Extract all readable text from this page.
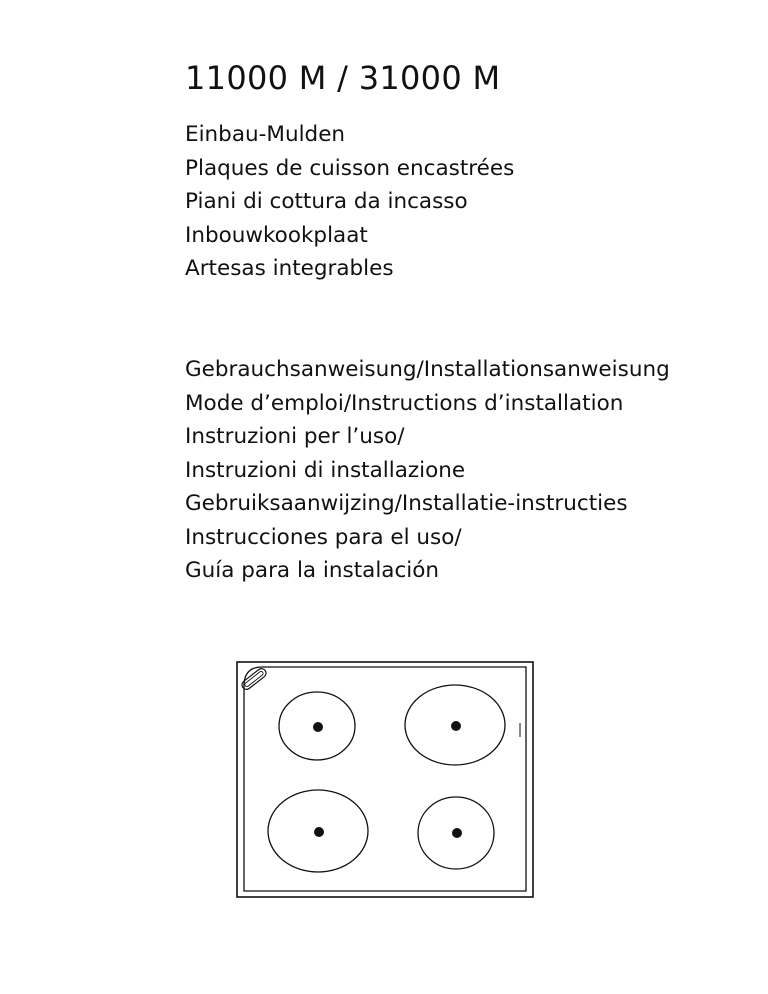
11000 M / 31000 M
Einbau-Mulden
Plaques de cuisson encastrées
Piani di cottura da incasso
Inbouwkookplaat
Artesas integrables
Gebrauchsanweisung/Installationsanweisung
Mode d’emploi/Instructions d’installation
Instruzioni per l’uso/
Instruzioni di installazione
Gebruiksaanwijzing/Installatie-instructies
Instrucciones para el uso/
Guía para la instalación
